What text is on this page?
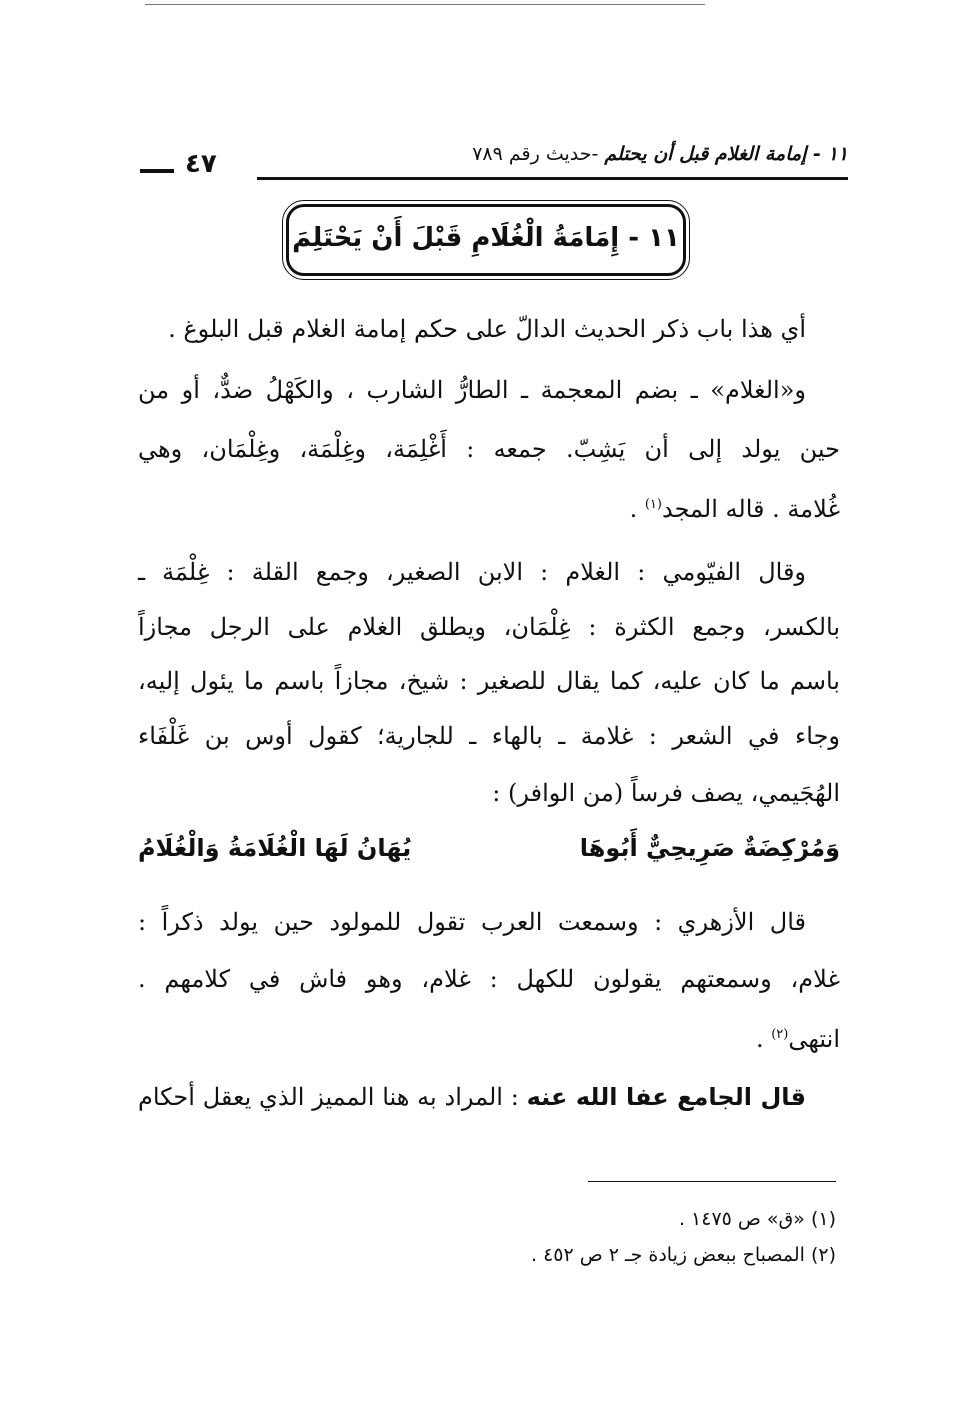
٤٧	١١ - إمامة الغلام قبل أن يحتلم -حديث رقم ٧٨٩
١١ - إِمَامَةُ الْغُلَامِ قَبْلَ أَنْ يَحْتَلِمَ
أي هذا باب ذكر الحديث الدالّ على حكم إمامة الغلام قبل البلوغ .
و«الغلام» ـ بضم المعجمة ـ الطارُّ الشارب ، والكَهْلُ ضدٌّ، أو من
حين يولد إلى أن يَشِبّ. جمعه : أَغْلِمَة، وغِلْمَة، وغِلْمَان، وهي
غُلامة . قاله المجد$^{(١)}$ .
وقال الفيّومي : الغلام : الابن الصغير، وجمع القلة : غِلْمَة ـ
بالكسر، وجمع الكثرة : غِلْمَان، ويطلق الغلام على الرجل مجازاً
باسم ما كان عليه، كما يقال للصغير : شيخ، مجازاً باسم ما يئول إليه،
وجاء في الشعر : غلامة ـ بالهاء ـ للجارية؛ كقول أوس بن غَلْفَاء
الهُجَيمي، يصف فرساً (من الوافر) :
وَمُرْكِضَةٌ صَرِيحِيٌّ أَبُوهَا
يُهَانُ لَهَا الْغُلَامَةُ وَالْغُلَامُ
قال الأزهري : وسمعت العرب تقول للمولود حين يولد ذكراً :
غلام، وسمعتهم يقولون للكهل : غلام، وهو فاش في كلامهم .
انتهى$^{(٢)}$ .
قال الجامع عفا الله عنه : المراد به هنا المميز الذي يعقل أحكام
(١) «ق» ص ١٤٧٥ .
(٢) المصباح ببعض زيادة جـ ٢ ص ٤٥٢ .
